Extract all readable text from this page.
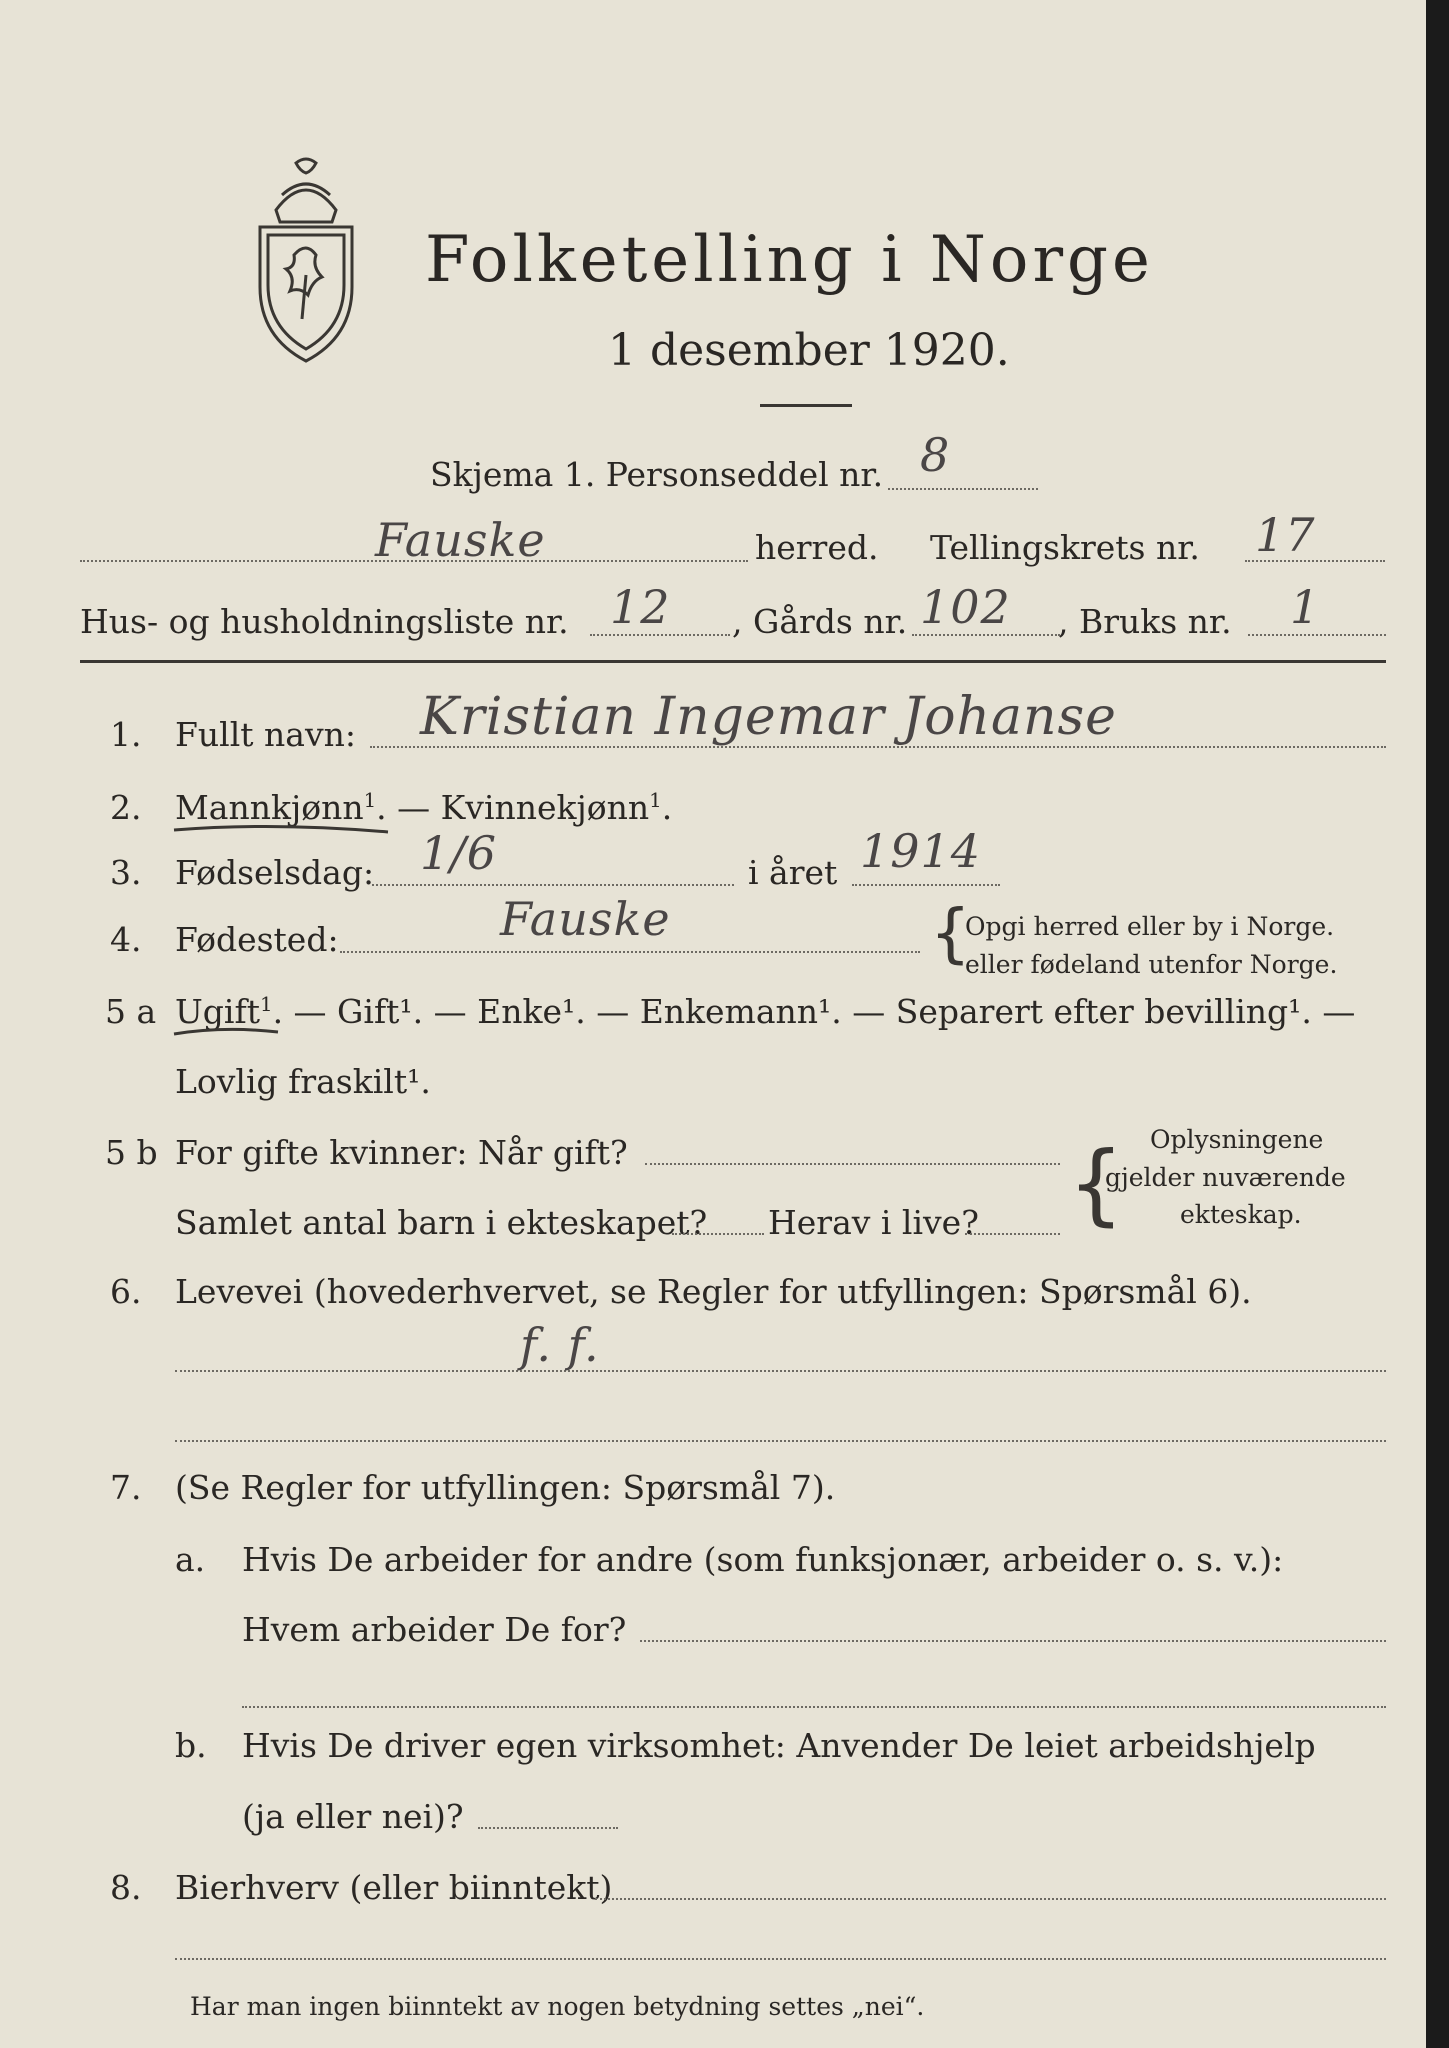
Folketelling i Norge
1 desember 1920.
Skjema 1. Personseddel nr. 8
Fauske	herred. Tellingskrets nr. 17
Hus- og husholdningsliste nr. 12 , Gårds nr. 102 , Bruks nr. 1
1. Fullt navn: Kristian Ingemar Johanse
2. Mannkjønn$^1$. — Kvinnekjønn$^1$.
3. Fødselsdag: 1/6	i året 1914
4. Fødested:	Fauske	{
Opgi herred eller by i Norge.
eller fødeland utenfor Norge.
5 a Ugift$^1$. — Gift¹. — Enke¹. — Enkemann¹. — Separert efter bevilling¹. —
Lovlig fraskilt¹.
5 b For gifte kvinner: Når gift?
Samlet antal barn i ekteskapet? Herav i live? { Oplysningene
gjelder nuværende
ekteskap.
6. Levevei (hovederhvervet, se Regler for utfyllingen: Spørsmål 6).
f. f.
7. (Se Regler for utfyllingen: Spørsmål 7).
a. Hvis De arbeider for andre (som funksjonær, arbeider o. s. v.):
Hvem arbeider De for?
b. Hvis De driver egen virksomhet: Anvender De leiet arbeidshjelp
(ja eller nei)?
8. Bierhverv (eller biinntekt)
Har man ingen biinntekt av nogen betydning settes „nei“.
